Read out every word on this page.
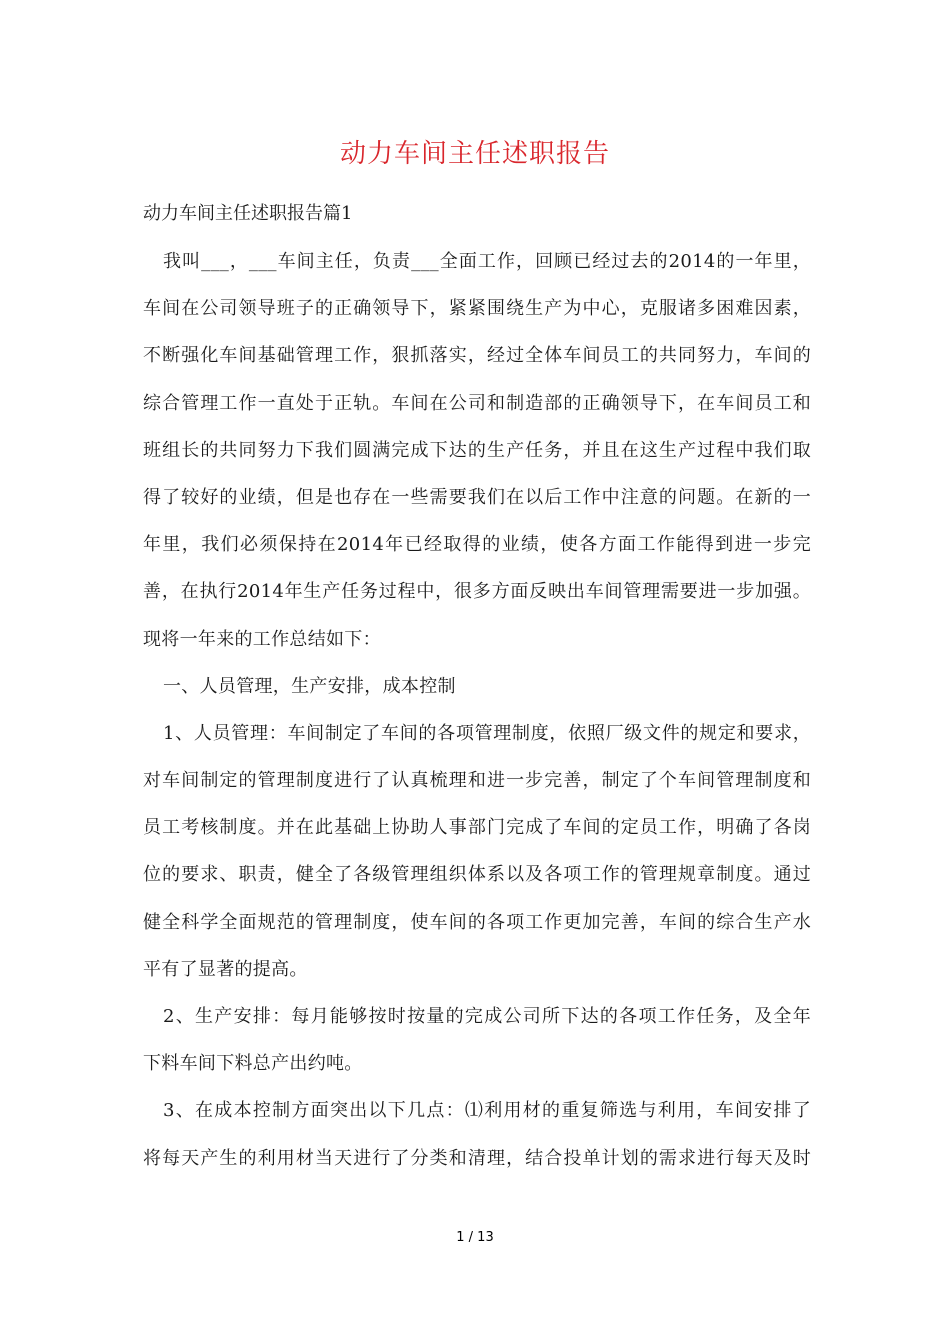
动力车间主任述职报告

动力车间主任述职报告篇1

我叫___，___车间主任，负责___全面工作，回顾已经过去的2014的一年里，
车间在公司领导班子的正确领导下，紧紧围绕生产为中心，克服诸多困难因素，
不断强化车间基础管理工作，狠抓落实，经过全体车间员工的共同努力，车间的
综合管理工作一直处于正轨。车间在公司和制造部的正确领导下，在车间员工和
班组长的共同努力下我们圆满完成下达的生产任务，并且在这生产过程中我们取
得了较好的业绩，但是也存在一些需要我们在以后工作中注意的问题。在新的一
年里，我们必须保持在2014年已经取得的业绩，使各方面工作能得到进一步完
善，在执行2014年生产任务过程中，很多方面反映出车间管理需要进一步加强。
现将一年来的工作总结如下：
一、人员管理，生产安排，成本控制
1、人员管理：车间制定了车间的各项管理制度，依照厂级文件的规定和要求，
对车间制定的管理制度进行了认真梳理和进一步完善，制定了个车间管理制度和
员工考核制度。并在此基础上协助人事部门完成了车间的定员工作，明确了各岗
位的要求、职责，健全了各级管理组织体系以及各项工作的管理规章制度。通过
健全科学全面规范的管理制度，使车间的各项工作更加完善，车间的综合生产水
平有了显著的提高。
2、生产安排：每月能够按时按量的完成公司所下达的各项工作任务，及全年
下料车间下料总产出约吨。
3、在成本控制方面突出以下几点：⑴利用材的重复筛选与利用，车间安排了
将每天产生的利用材当天进行了分类和清理，结合投单计划的需求进行每天及时
1 / 13
